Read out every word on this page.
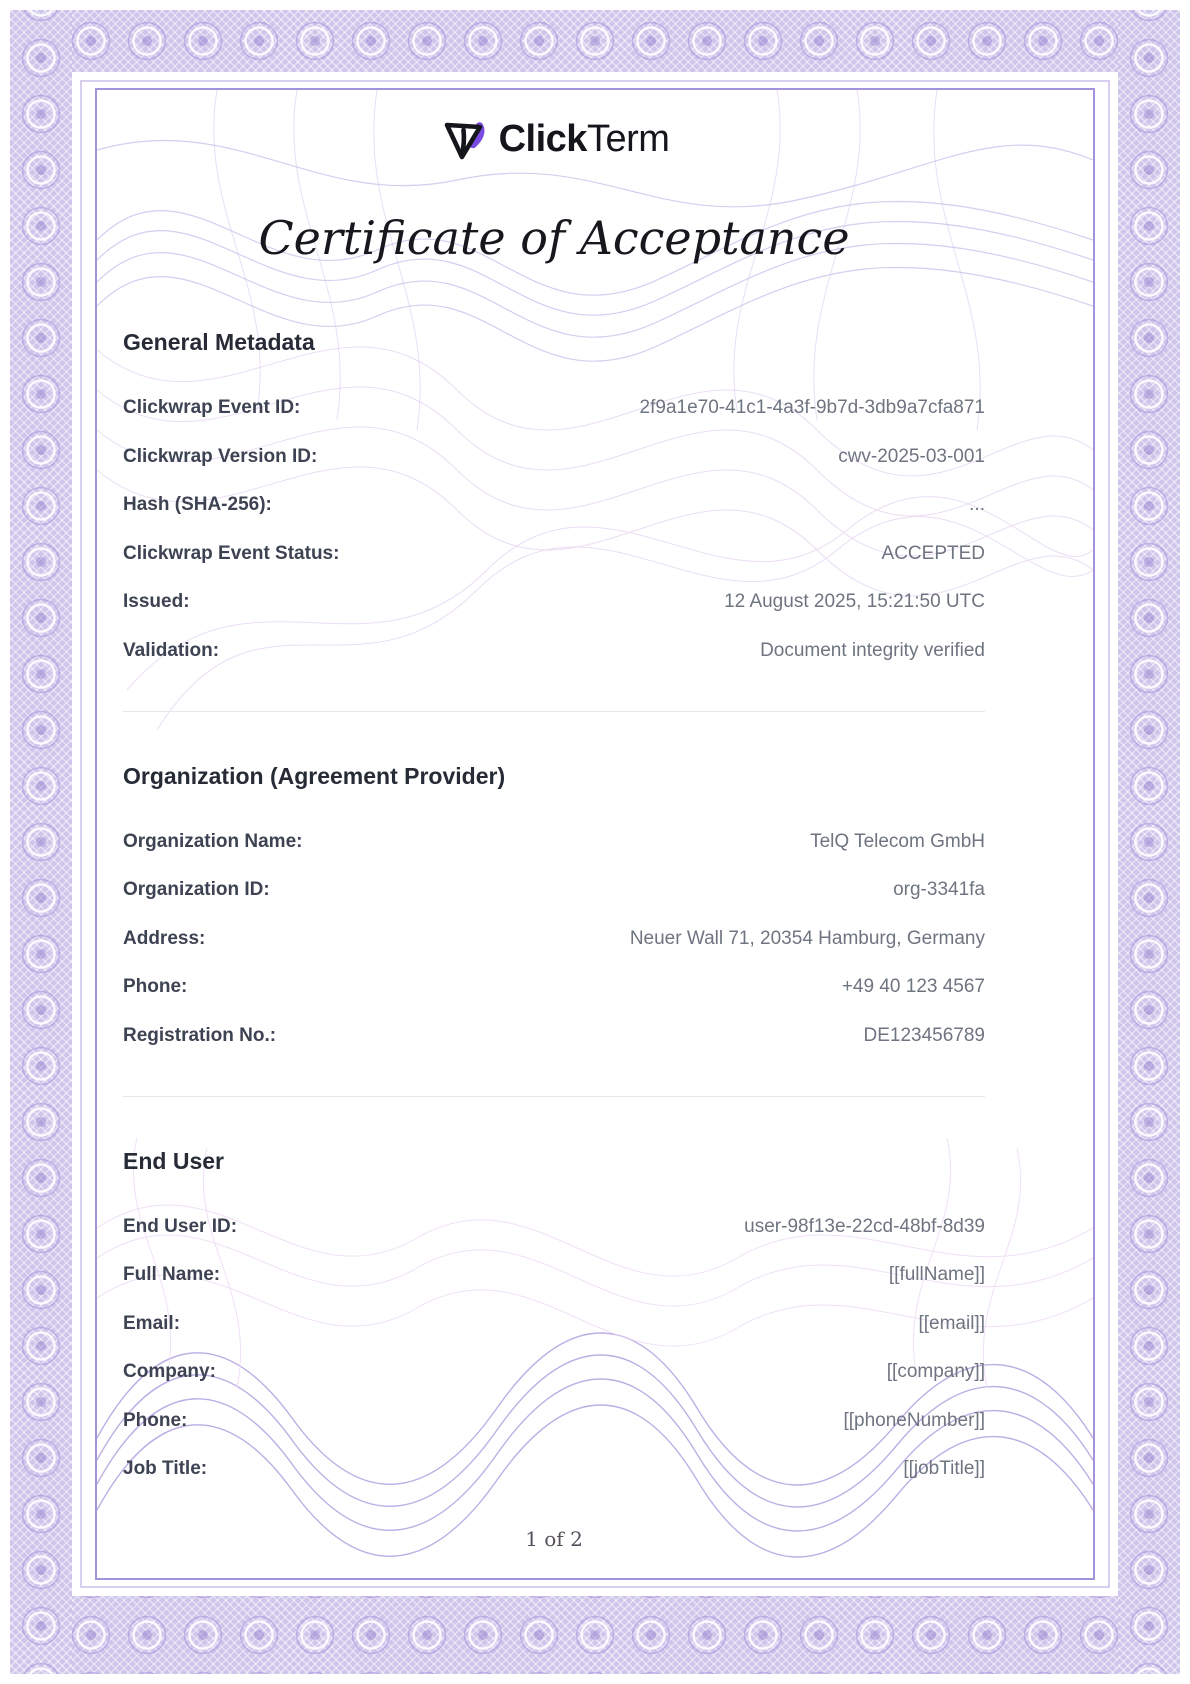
ClickTerm
Certificate of Acceptance
General Metadata
Clickwrap Event ID:	2f9a1e70-41c1-4a3f-9b7d-3db9a7cfa871
Clickwrap Version ID:	cwv-2025-03-001
Hash (SHA-256):	...
Clickwrap Event Status:	ACCEPTED
Issued:	12 August 2025, 15:21:50 UTC
Validation:	Document integrity verified
Organization (Agreement Provider)
Organization Name:	TelQ Telecom GmbH
Organization ID:	org-3341fa
Address:	Neuer Wall 71, 20354 Hamburg, Germany
Phone:	+49 40 123 4567
Registration No.:	DE123456789
End User
End User ID:	user-98f13e-22cd-48bf-8d39
Full Name:	[[fullName]]
Email:	[[email]]
Company:	[[company]]
Phone:	[[phoneNumber]]
Job Title:	[[jobTitle]]
1 of 2
